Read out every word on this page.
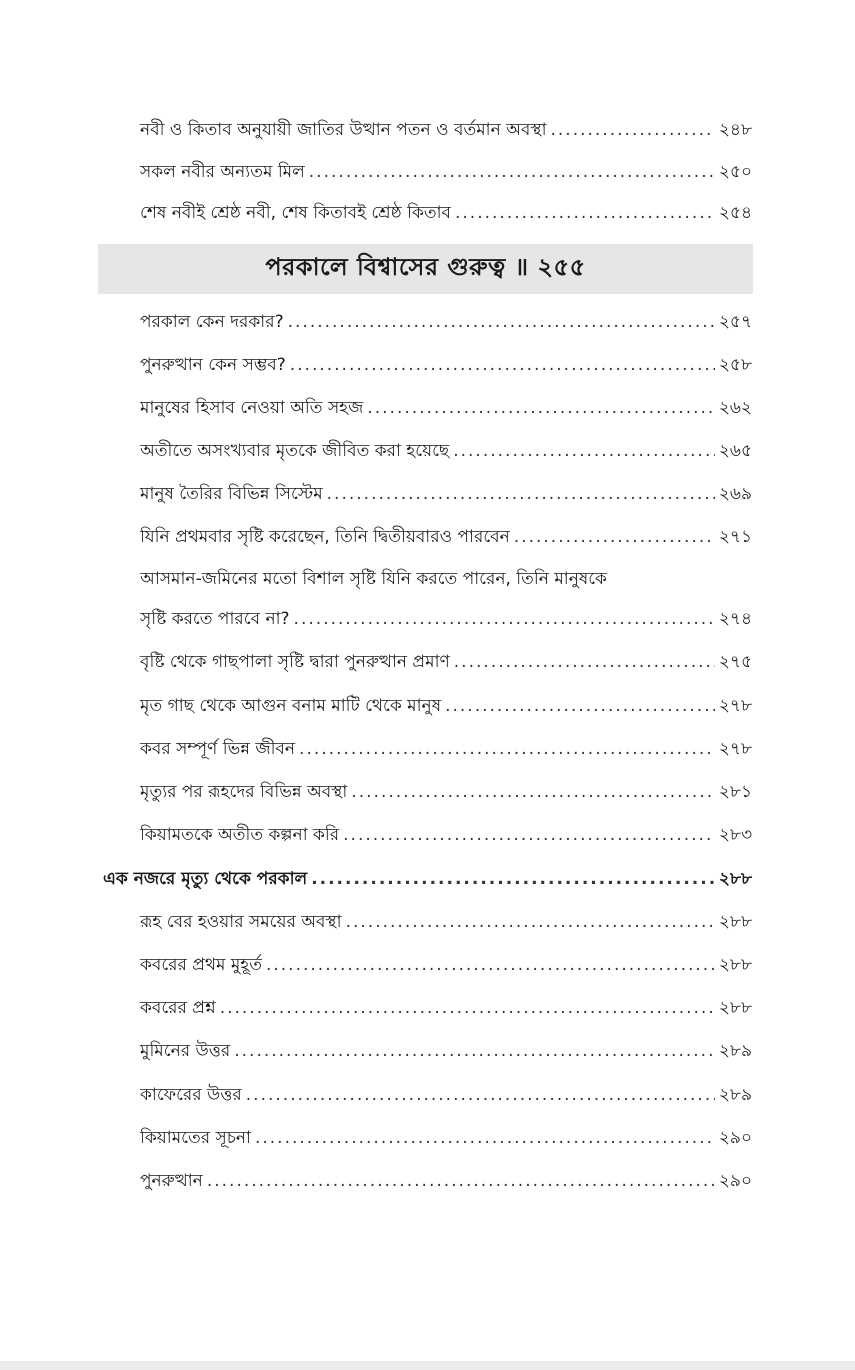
নবী ও কিতাব অনুযায়ী জাতির উত্থান পতন ও বর্তমান অবস্থা .....	২৪৮
সকল নবীর অন্যতম মিল .....	২৫০
শেষ নবীই শ্রেষ্ঠ নবী, শেষ কিতাবই শ্রেষ্ঠ কিতাব .....	২৫৪
পরকালে বিশ্বাসের গুরুত্ব ॥ ২৫৫
পরকাল কেন দরকার? .....	২৫৭
পুনরুত্থান কেন সম্ভব? .....	২৫৮
মানুষের হিসাব নেওয়া অতি সহজ .....	২৬২
অতীতে অসংখ্যবার মৃতকে জীবিত করা হয়েছে .....	২৬৫
মানুষ তৈরির বিভিন্ন সিস্টেম .....	২৬৯
যিনি প্রথমবার সৃষ্টি করেছেন, তিনি দ্বিতীয়বারও পারবেন .....	২৭১
আসমান-জমিনের মতো বিশাল সৃষ্টি যিনি করতে পারেন, তিনি মানুষকে
সৃষ্টি করতে পারবে না? .....	২৭৪
বৃষ্টি থেকে গাছপালা সৃষ্টি দ্বারা পুনরুত্থান প্রমাণ .....	২৭৫
মৃত গাছ থেকে আগুন বনাম মাটি থেকে মানুষ .....	২৭৮
কবর সম্পূর্ণ ভিন্ন জীবন .....	২৭৮
মৃত্যুর পর রূহদের বিভিন্ন অবস্থা .....	২৮১
কিয়ামতকে অতীত কল্পনা করি .....	২৮৩
এক নজরে মৃত্যু থেকে পরকাল .....	২৮৮
রূহ বের হওয়ার সময়ের অবস্থা .....	২৮৮
কবরের প্রথম মুহূর্ত .....	২৮৮
কবরের প্রশ্ন .....	২৮৮
মুমিনের উত্তর .....	২৮৯
কাফেরের উত্তর .....	২৮৯
কিয়ামতের সূচনা .....	২৯০
পুনরুত্থান .....	২৯০
